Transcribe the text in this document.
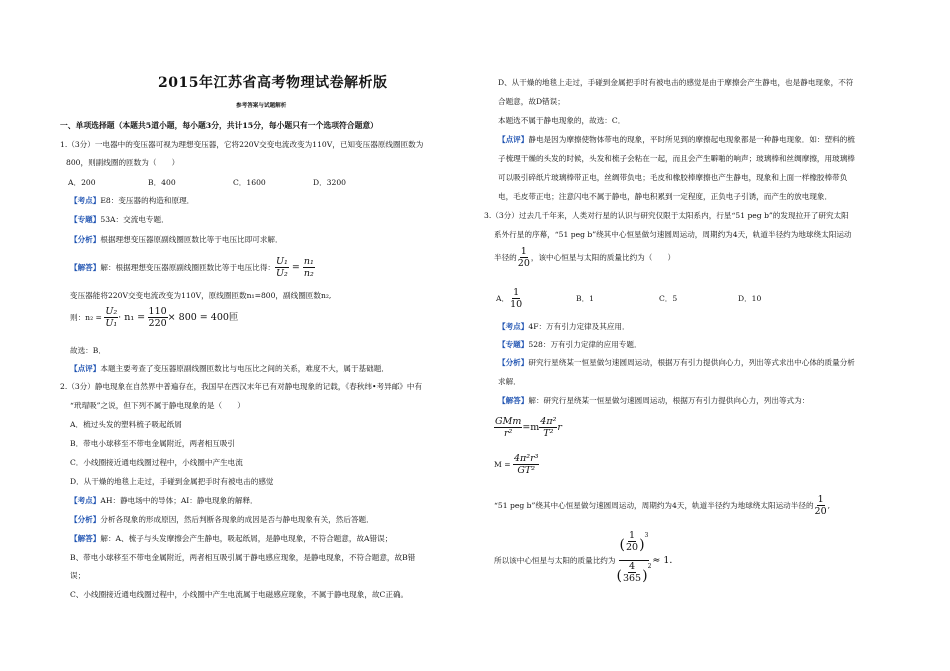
2015年江苏省高考物理试卷解析版
参考答案与试题解析
一、单项选择题（本题共5道小题，每小题3分，共计15分，每小题只有一个选项符合题意）
1.（3分）一电器中的变压器可视为理想变压器，它将220V交变电流改变为110V，已知变压器原线圈匝数为
800，则副线圈的匝数为（　　）
A．200	B．400	C．1600	D．3200
【考点】E8：变压器的构造和原理．
【专题】53A：交流电专题．
【分析】根据理想变压器原副线圈匝数比等于电压比即可求解．
【解答】 解：根据理想变压器原副线圈匝数比等于电压比得： $\frac{\text{U₁}}{\text{U₂}} = \frac{\text{n₁}}{\text{n₂}}$
变压器能将220V交变电流改变为110V，原线圈匝数n₁=800，副线圈匝数n₂,
则：n₂ =
$\frac{\text{U₂}}{\text{U₁}} \cdot n_1$ =
$\frac{110}{220} \times 800 = 400$匝
故选：B．
【点评】本题主要考查了变压器原副线圈匝数比与电压比之间的关系，难度不大，属于基础题．
2.（3分）静电现象在自然界中普遍存在，我国早在西汉末年已有对静电现象的记载，《春秋纬•考异邮》中有
“玳瑁吸”之说，但下列不属于静电现象的是（　　）
A．梳过头发的塑料梳子吸起纸屑
B．带电小球移至不带电金属附近，两者相互吸引
C．小线圈接近通电线圈过程中，小线圈中产生电流
D．从干燥的地毯上走过，手碰到金属把手时有被电击的感觉
【考点】AH：静电场中的导体；AI：静电现象的解释．
【分析】分析各现象的形成原因，然后判断各现象的成因是否与静电现象有关，然后答题．
【解答】解：A、梳子与头发摩擦会产生静电，吸起纸屑，是静电现象，不符合题意，故A错误；
B、带电小球移至不带电金属附近，两者相互吸引属于静电感应现象，是静电现象，不符合题意，故B错
误；
C、小线圈接近通电线圈过程中，小线圈中产生电流属于电磁感应现象，不属于静电现象，故C正确。
D、从干燥的地毯上走过，手碰到金属把手时有被电击的感觉是由于摩擦会产生静电，也是静电现象，不符
合题意，故D错误；
本题选不属于静电现象的，故选：C．
【点评】静电是因为摩擦使物体带电的现象，平时所见到的摩擦起电现象都是一种静电现象．如：塑料的梳
子梳理干燥的头发的时候，头发和梳子会粘在一起，而且会产生噼啪的响声；玻璃棒和丝绸摩擦，用玻璃棒
可以吸引碎纸片玻璃棒带正电，丝绸带负电；毛皮和橡胶棒摩擦也产生静电，现象和上面一样橡胶棒带负
电，毛皮带正电；注意闪电不属于静电，静电积累到一定程度，正负电子引诱，而产生的放电现象．
3.（3分）过去几千年来，人类对行星的认识与研究仅限于太阳系内，行星“51 peg b”的发现拉开了研究太阳
系外行星的序幕，“51 peg b”绕其中心恒星做匀速圆周运动，周期约为4天，轨道半径约为地球绕太阳运动
半径的 $\frac{1}{20}$ ，该中心恒星与太阳的质量比约为（　　）
A． $\frac{1}{10}$	B．1	C．5	D．10
【考点】4F：万有引力定律及其应用．
【专题】528：万有引力定律的应用专题．
【分析】研究行星绕某一恒星做匀速圆周运动，根据万有引力提供向心力，列出等式求出中心体的质量分析
求解．
【解答】解：研究行星绕某一恒星做匀速圆周运动，根据万有引力提供向心力，列出等式为：
$\frac{\text{GMm}}{\text{r²}} =m \frac{\text{4π²}}{\text{T²}}$ r
M =
$\frac{\text{4π²r³}}{\text{GT²}}$
“51 peg b”绕其中心恒星做匀速圆周运动，周期约为4天，轨道半径约为地球绕太阳运动半径的 $\frac{1}{20}$ ,
所以该中心恒星与太阳的质量比约为 ( $\frac{1}{20}$ )
$^3$
( $\frac{4}{365}$ )
$^2$ ≈ 1．
